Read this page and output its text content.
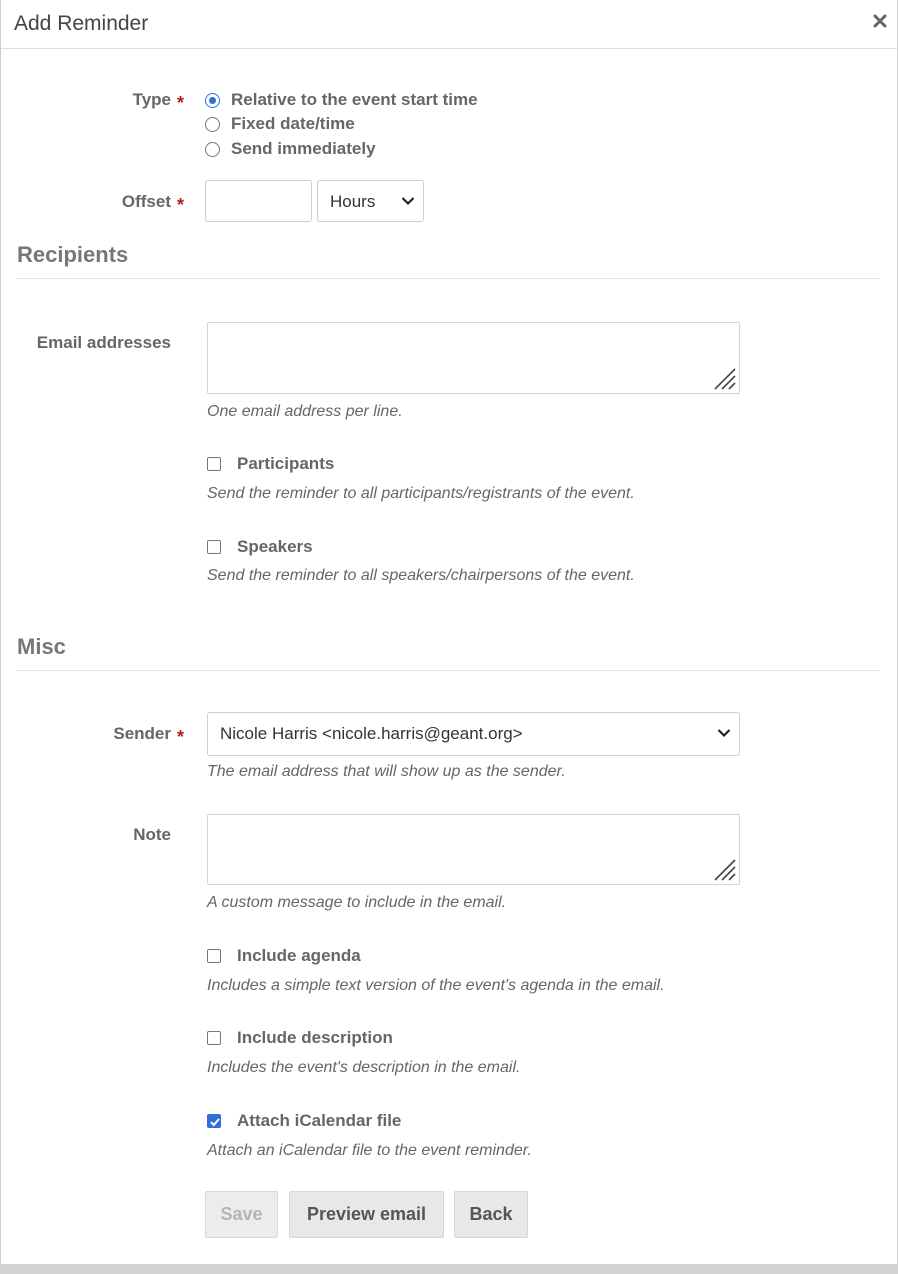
Add Reminder
Type *	Relative to the event start time
Fixed date/time
Send immediately
Offset *	Hours
Recipients
Email addresses
One email address per line.
Participants
Send the reminder to all participants/registrants of the event.
Speakers
Send the reminder to all speakers/chairpersons of the event.
Misc
Sender * Nicole Harris <nicole.harris@geant.org>
The email address that will show up as the sender.
Note
A custom message to include in the email.
Include agenda
Includes a simple text version of the event's agenda in the email.
Include description
Includes the event's description in the email.
Attach iCalendar file
Attach an iCalendar file to the event reminder.
Save	Preview email	Back
